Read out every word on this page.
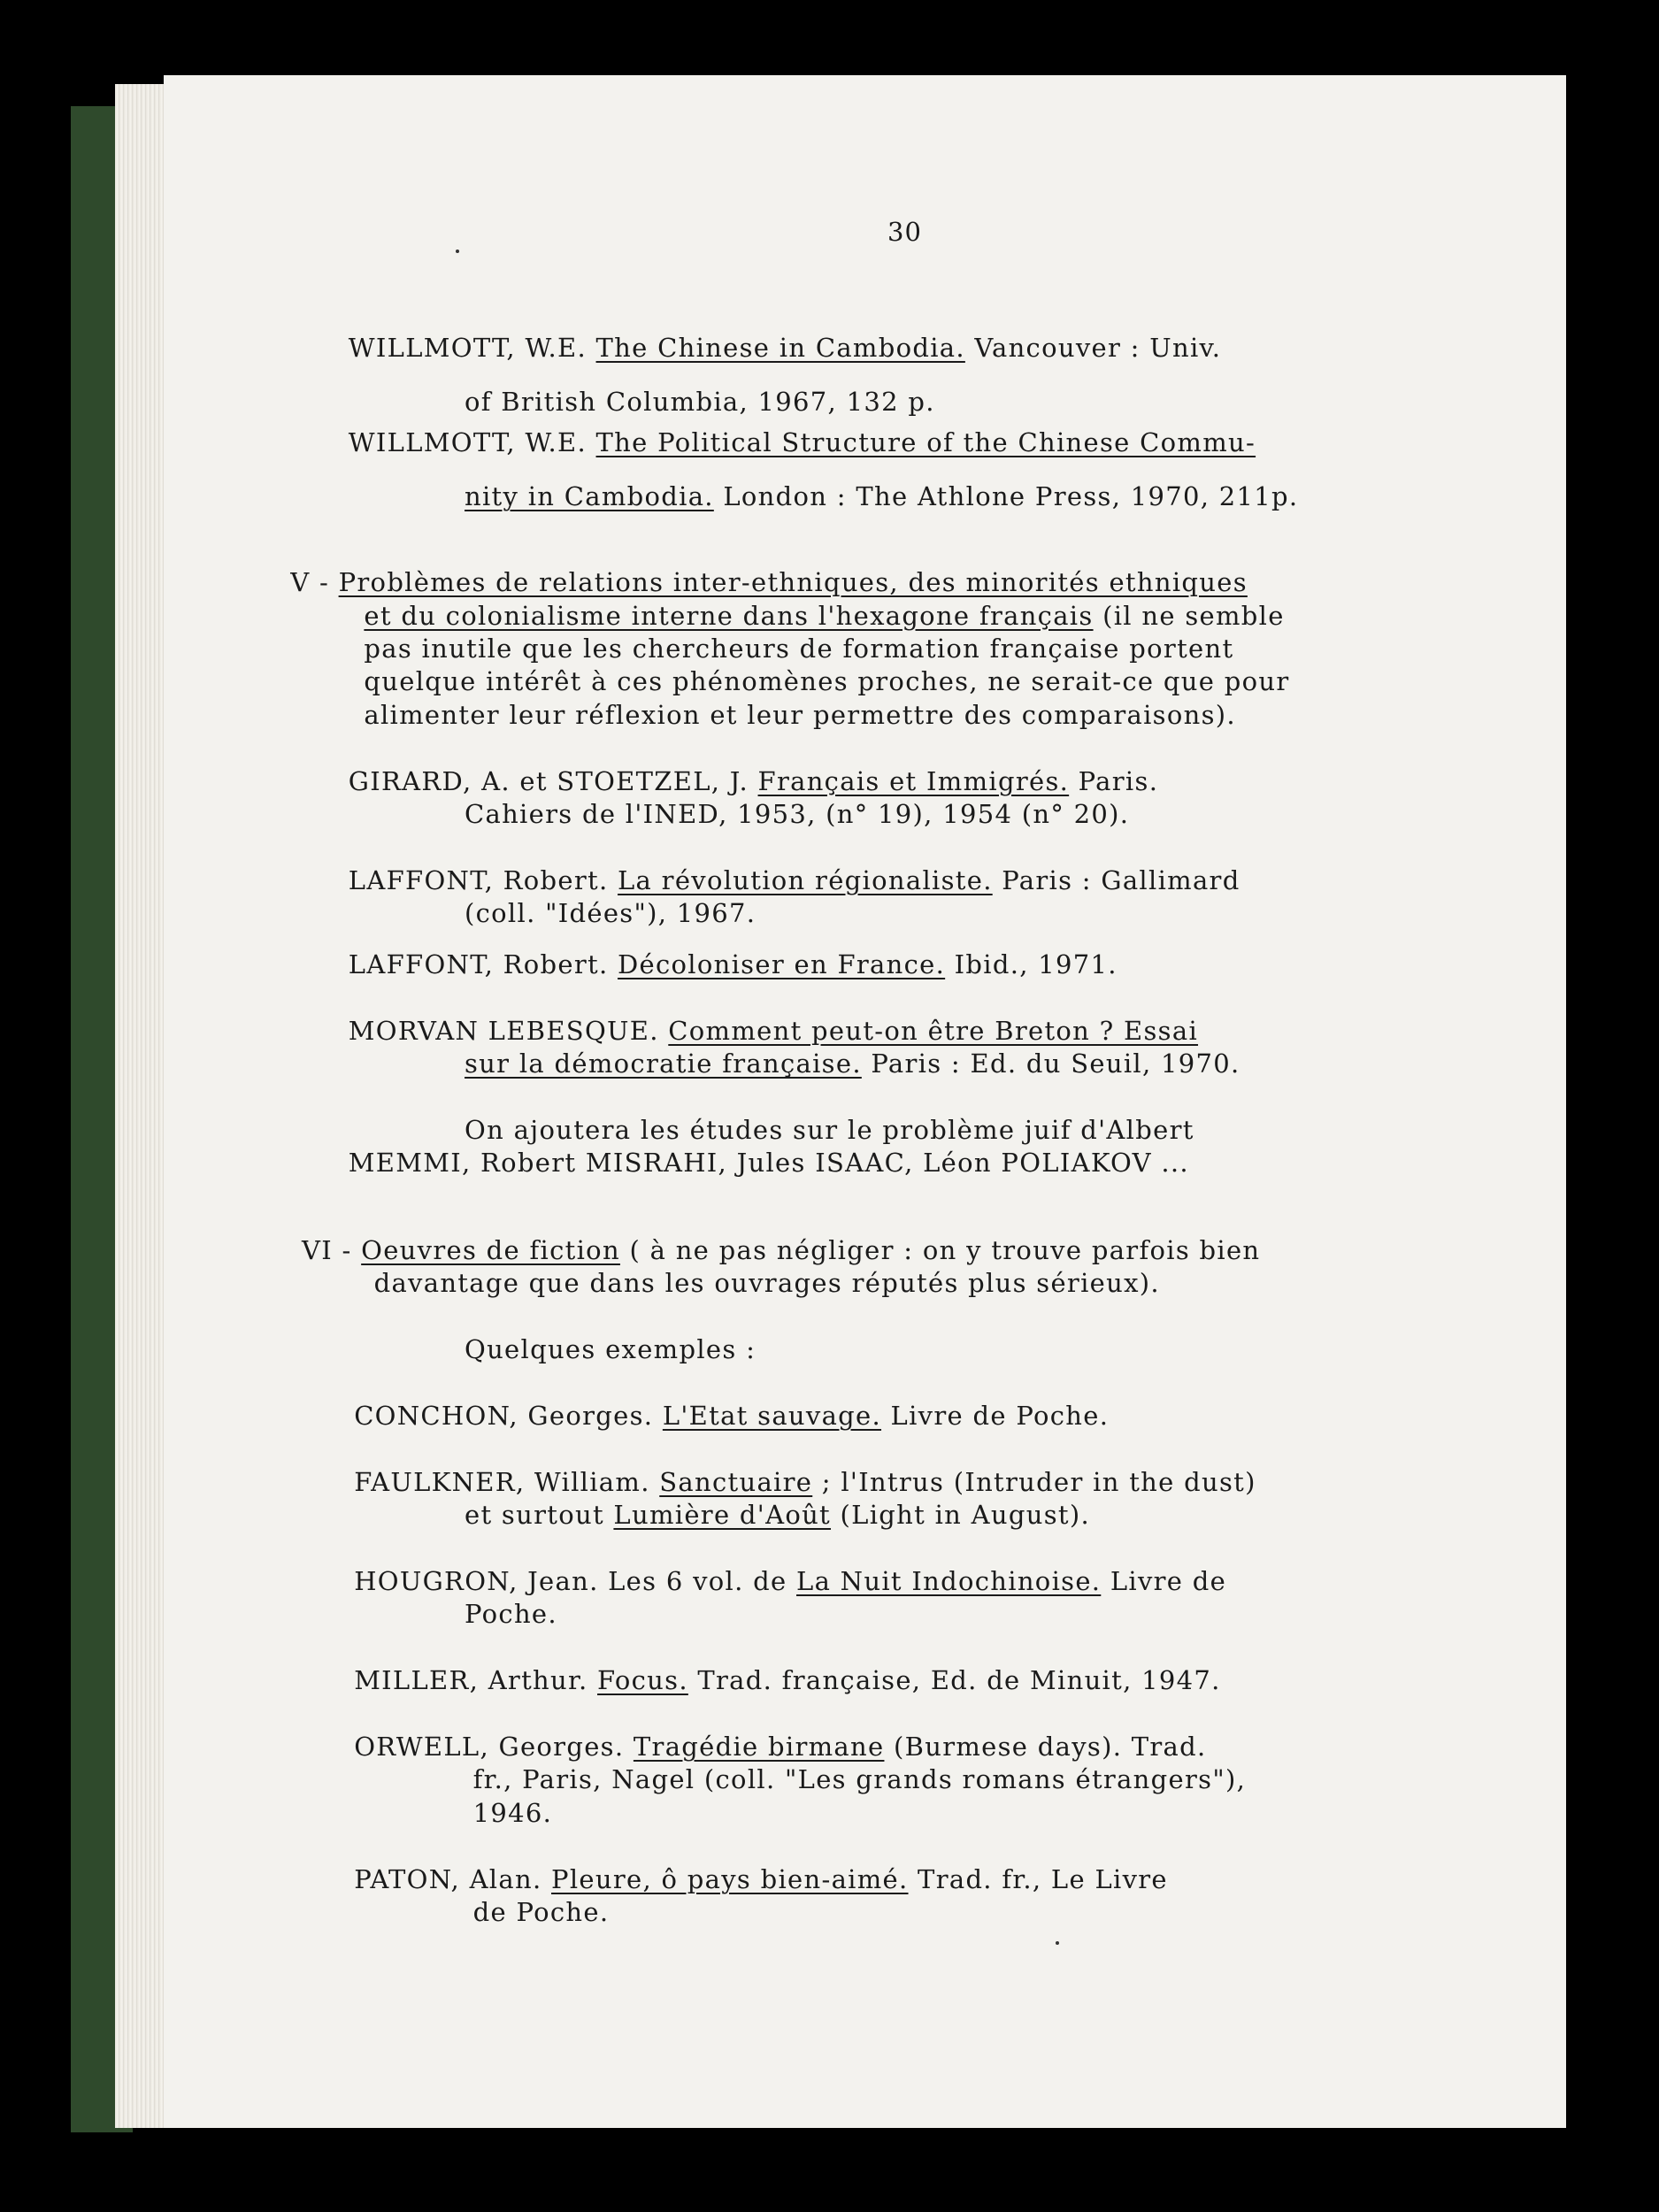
30
WILLMOTT, W.E. The Chinese in Cambodia. Vancouver : Univ.
of British Columbia, 1967, 132 p.
WILLMOTT, W.E. The Political Structure of the Chinese Commu-
nity in Cambodia. London : The Athlone Press, 1970, 211p.
V - Problèmes de relations inter-ethniques, des minorités ethniques
et du colonialisme interne dans l'hexagone français (il ne semble
pas inutile que les chercheurs de formation française portent
quelque intérêt à ces phénomènes proches, ne serait-ce que pour
alimenter leur réflexion et leur permettre des comparaisons).
GIRARD, A. et STOETZEL, J. Français et Immigrés. Paris.
Cahiers de l'INED, 1953, (n° 19), 1954 (n° 20).
LAFFONT, Robert. La révolution régionaliste. Paris : Gallimard
(coll. "Idées"), 1967.
LAFFONT, Robert. Décoloniser en France. Ibid., 1971.
MORVAN LEBESQUE. Comment peut-on être Breton ? Essai
sur la démocratie française. Paris : Ed. du Seuil, 1970.
On ajoutera les études sur le problème juif d'Albert
MEMMI, Robert MISRAHI, Jules ISAAC, Léon POLIAKOV ...
VI - Oeuvres de fiction ( à ne pas négliger : on y trouve parfois bien
davantage que dans les ouvrages réputés plus sérieux).
Quelques exemples :
CONCHON, Georges. L'Etat sauvage. Livre de Poche.
FAULKNER, William. Sanctuaire ; l'Intrus (Intruder in the dust)
et surtout Lumière d'Août (Light in August).
HOUGRON, Jean. Les 6 vol. de La Nuit Indochinoise. Livre de
Poche.
MILLER, Arthur. Focus. Trad. française, Ed. de Minuit, 1947.
ORWELL, Georges. Tragédie birmane (Burmese days). Trad.
fr., Paris, Nagel (coll. "Les grands romans étrangers"),
1946.
PATON, Alan. Pleure, ô pays bien-aimé. Trad. fr., Le Livre
de Poche.
